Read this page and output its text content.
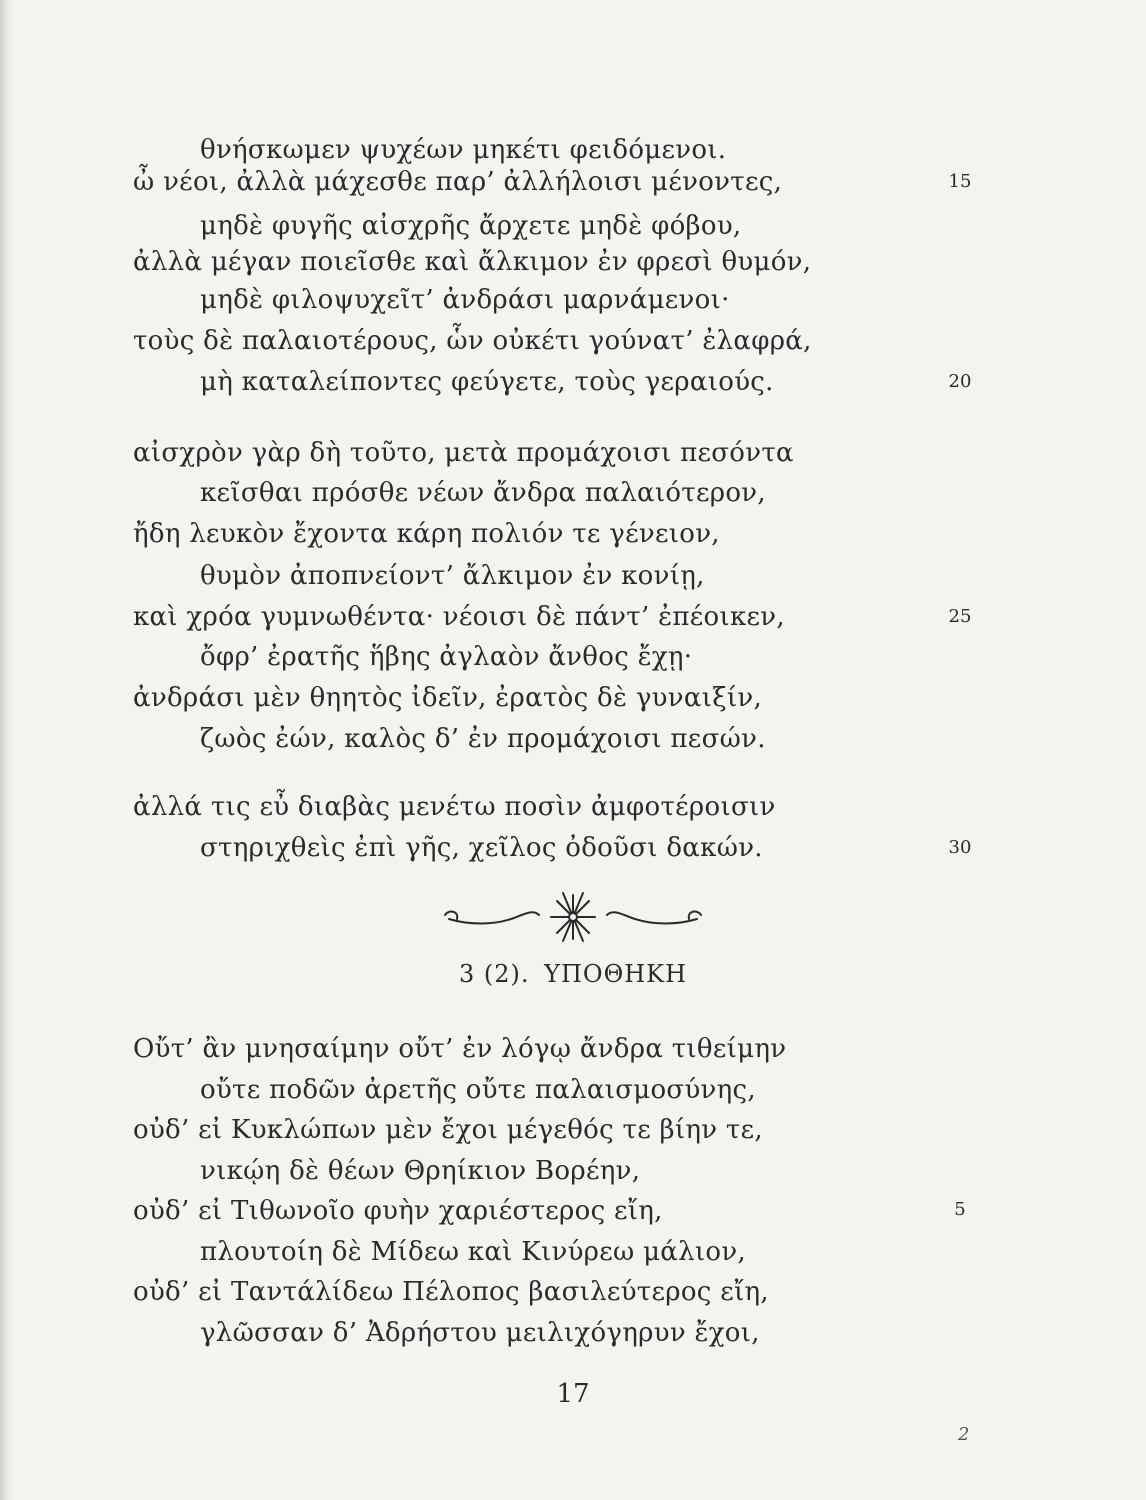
θνήσκωμεν ψυχέων μηκέτι φειδόμενοι.
ὦ νέοι, ἀλλὰ μάχεσθε παρ’ ἀλλήλοισι μένοντες,
μηδὲ φυγῆς αἰσχρῆς ἄρχετε μηδὲ φόβου,
ἀλλὰ μέγαν ποιεῖσθε καὶ ἄλκιμον ἐν φρεσὶ θυμόν,
μηδὲ φιλοψυχεῖτ’ ἀνδράσι μαρνάμενοι·
τοὺς δὲ παλαιοτέρους, ὧν οὐκέτι γούνατ’ ἐλαφρά,
μὴ καταλείποντες φεύγετε, τοὺς γεραιούς.
αἰσχρὸν γὰρ δὴ τοῦτο, μετὰ προμάχοισι πεσόντα
κεῖσθαι πρόσθε νέων ἄνδρα παλαιότερον,
ἤδη λευκὸν ἔχοντα κάρη πολιόν τε γένειον,
θυμὸν ἀποπνείοντ’ ἄλκιμον ἐν κονίῃ,
καὶ χρόα γυμνωθέντα· νέοισι δὲ πάντ’ ἐπέοικεν,
ὄφρ’ ἐρατῆς ἥβης ἀγλαὸν ἄνθος ἔχῃ·
ἀνδράσι μὲν θηητὸς ἰδεῖν, ἐρατὸς δὲ γυναιξίν,
ζωὸς ἐών, καλὸς δ’ ἐν προμάχοισι πεσών.
ἀλλά τις εὖ διαβὰς μενέτω ποσὶν ἀμφοτέροισιν
στηριχθεὶς ἐπὶ γῆς, χεῖλος ὀδοῦσι δακών.
15
20
25
30
3 (2). ΥΠΟΘΗΚΗ
Οὔτ’ ἂν μνησαίμην οὔτ’ ἐν λόγῳ ἄνδρα τιθείμην
οὔτε ποδῶν ἀρετῆς οὔτε παλαισμοσύνης,
οὐδ’ εἰ Κυκλώπων μὲν ἔχοι μέγεθός τε βίην τε,
νικῴη δὲ θέων Θρηίκιον Βορέην,
οὐδ’ εἰ Τιθωνοῖο φυὴν χαριέστερος εἴη,
πλουτοίη δὲ Μίδεω καὶ Κινύρεω μάλιον,
οὐδ’ εἰ Ταντάλίδεω Πέλοπος βασιλεύτερος εἴη,
γλῶσσαν δ’ Ἀδρήστου μειλιχόγηρυν ἔχοι,
5
17
2
